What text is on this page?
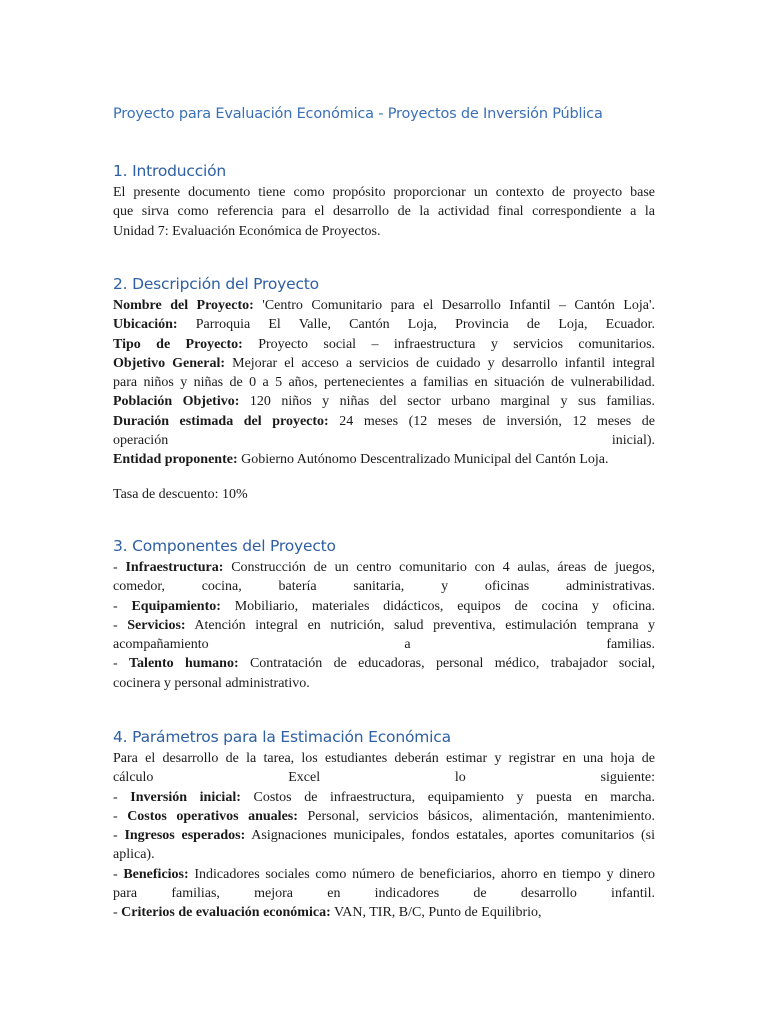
Proyecto para Evaluación Económica - Proyectos de Inversión Pública
1. Introducción

El presente documento tiene como propósito proporcionar un contexto de proyecto base

que sirva como referencia para el desarrollo de la actividad final correspondiente a la

Unidad 7: Evaluación Económica de Proyectos.

2. Descripción del Proyecto

Nombre del Proyecto: 'Centro Comunitario para el Desarrollo Infantil – Cantón Loja'.

Ubicación: Parroquia El Valle, Cantón Loja, Provincia de Loja, Ecuador.

Tipo de Proyecto: Proyecto social – infraestructura y servicios comunitarios.

Objetivo General: Mejorar el acceso a servicios de cuidado y desarrollo infantil integral

para niños y niñas de 0 a 5 años, pertenecientes a familias en situación de vulnerabilidad.

Población Objetivo: 120 niños y niñas del sector urbano marginal y sus familias.

Duración estimada del proyecto: 24 meses (12 meses de inversión, 12 meses de

operación inicial).

Entidad proponente: Gobierno Autónomo Descentralizado Municipal del Cantón Loja.

Tasa de descuento: 10%

3. Componentes del Proyecto

- Infraestructura: Construcción de un centro comunitario con 4 aulas, áreas de juegos,

comedor, cocina, batería sanitaria, y oficinas administrativas.

- Equipamiento: Mobiliario, materiales didácticos, equipos de cocina y oficina.

- Servicios: Atención integral en nutrición, salud preventiva, estimulación temprana y

acompañamiento a familias.

- Talento humano: Contratación de educadoras, personal médico, trabajador social,

cocinera y personal administrativo.

4. Parámetros para la Estimación Económica

Para el desarrollo de la tarea, los estudiantes deberán estimar y registrar en una hoja de

cálculo Excel lo siguiente:

- Inversión inicial: Costos de infraestructura, equipamiento y puesta en marcha.

- Costos operativos anuales: Personal, servicios básicos, alimentación, mantenimiento.

- Ingresos esperados: Asignaciones municipales, fondos estatales, aportes comunitarios (si

aplica).

- Beneficios: Indicadores sociales como número de beneficiarios, ahorro en tiempo y dinero

para familias, mejora en indicadores de desarrollo infantil.

- Criterios de evaluación económica: VAN, TIR, B/C, Punto de Equilibrio,
